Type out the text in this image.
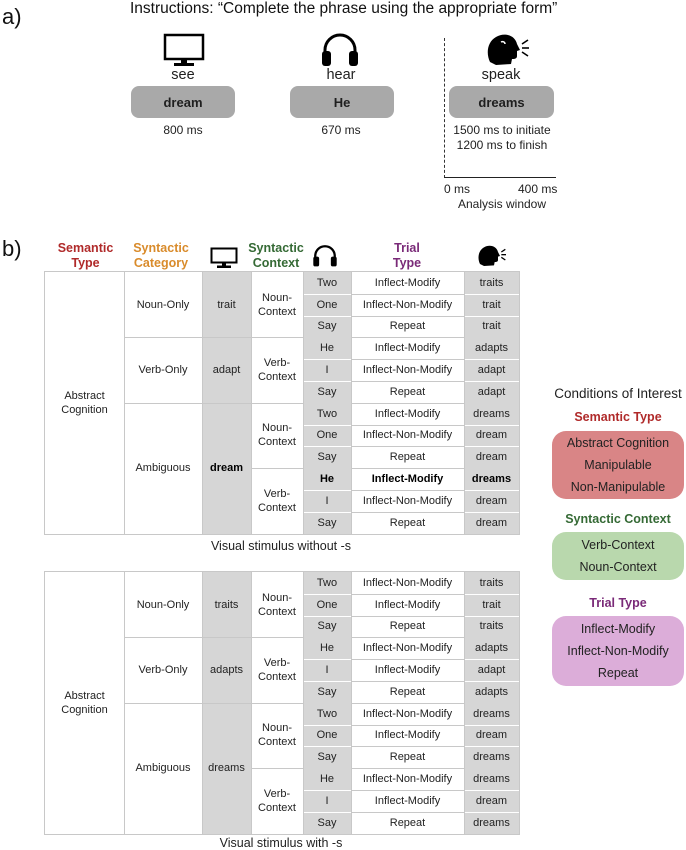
a)	Instructions: “Complete the phrase using the appropriate form”
see
dream
800 ms
hear
He
670 ms
speak
dreams
1500 ms to initiate
1200 ms to finish
0 ms	400 ms
Analysis window
b)	Semantic
Type
Syntactic
Category
Syntactic
Context
Trial
Type
Abstract
Cognition
Noun-Only	trait
Noun-
Context
Two	Inflect-Modify	traits
One	Inflect-Non-Modify	trait
Say	Repeat	trait
Verb-Only	adapt
Verb-
Context
He	Inflect-Modify	adapts
I	Inflect-Non-Modify	adapt
Say	Repeat	adapt
Ambiguous	dream
Noun-
Context
Two	Inflect-Modify	dreams
One	Inflect-Non-Modify	dream
Say	Repeat	dream
Verb-
Context
He	Inflect-Modify	dreams
I	Inflect-Non-Modify	dream
Say	Repeat	dream
Visual stimulus without -s
Abstract
Cognition
Noun-Only	traits
Noun-
Context
Two	Inflect-Non-Modify	traits
One	Inflect-Modify	trait
Say	Repeat	traits
Verb-Only	adapts
Verb-
Context
He	Inflect-Non-Modify	adapts
I	Inflect-Modify	adapt
Say	Repeat	adapts
Ambiguous	dreams
Noun-
Context
Two	Inflect-Non-Modify	dreams
One	Inflect-Modify	dream
Say	Repeat	dreams
Verb-
Context
He	Inflect-Non-Modify	dreams
I	Inflect-Modify	dream
Say	Repeat	dreams
Visual stimulus with -s
Conditions of Interest
Semantic Type
Abstract Cognition
Manipulable
Non-Manipulable
Syntactic Context
Verb-Context
Noun-Context
Trial Type
Inflect-Modify
Inflect-Non-Modify
Repeat
